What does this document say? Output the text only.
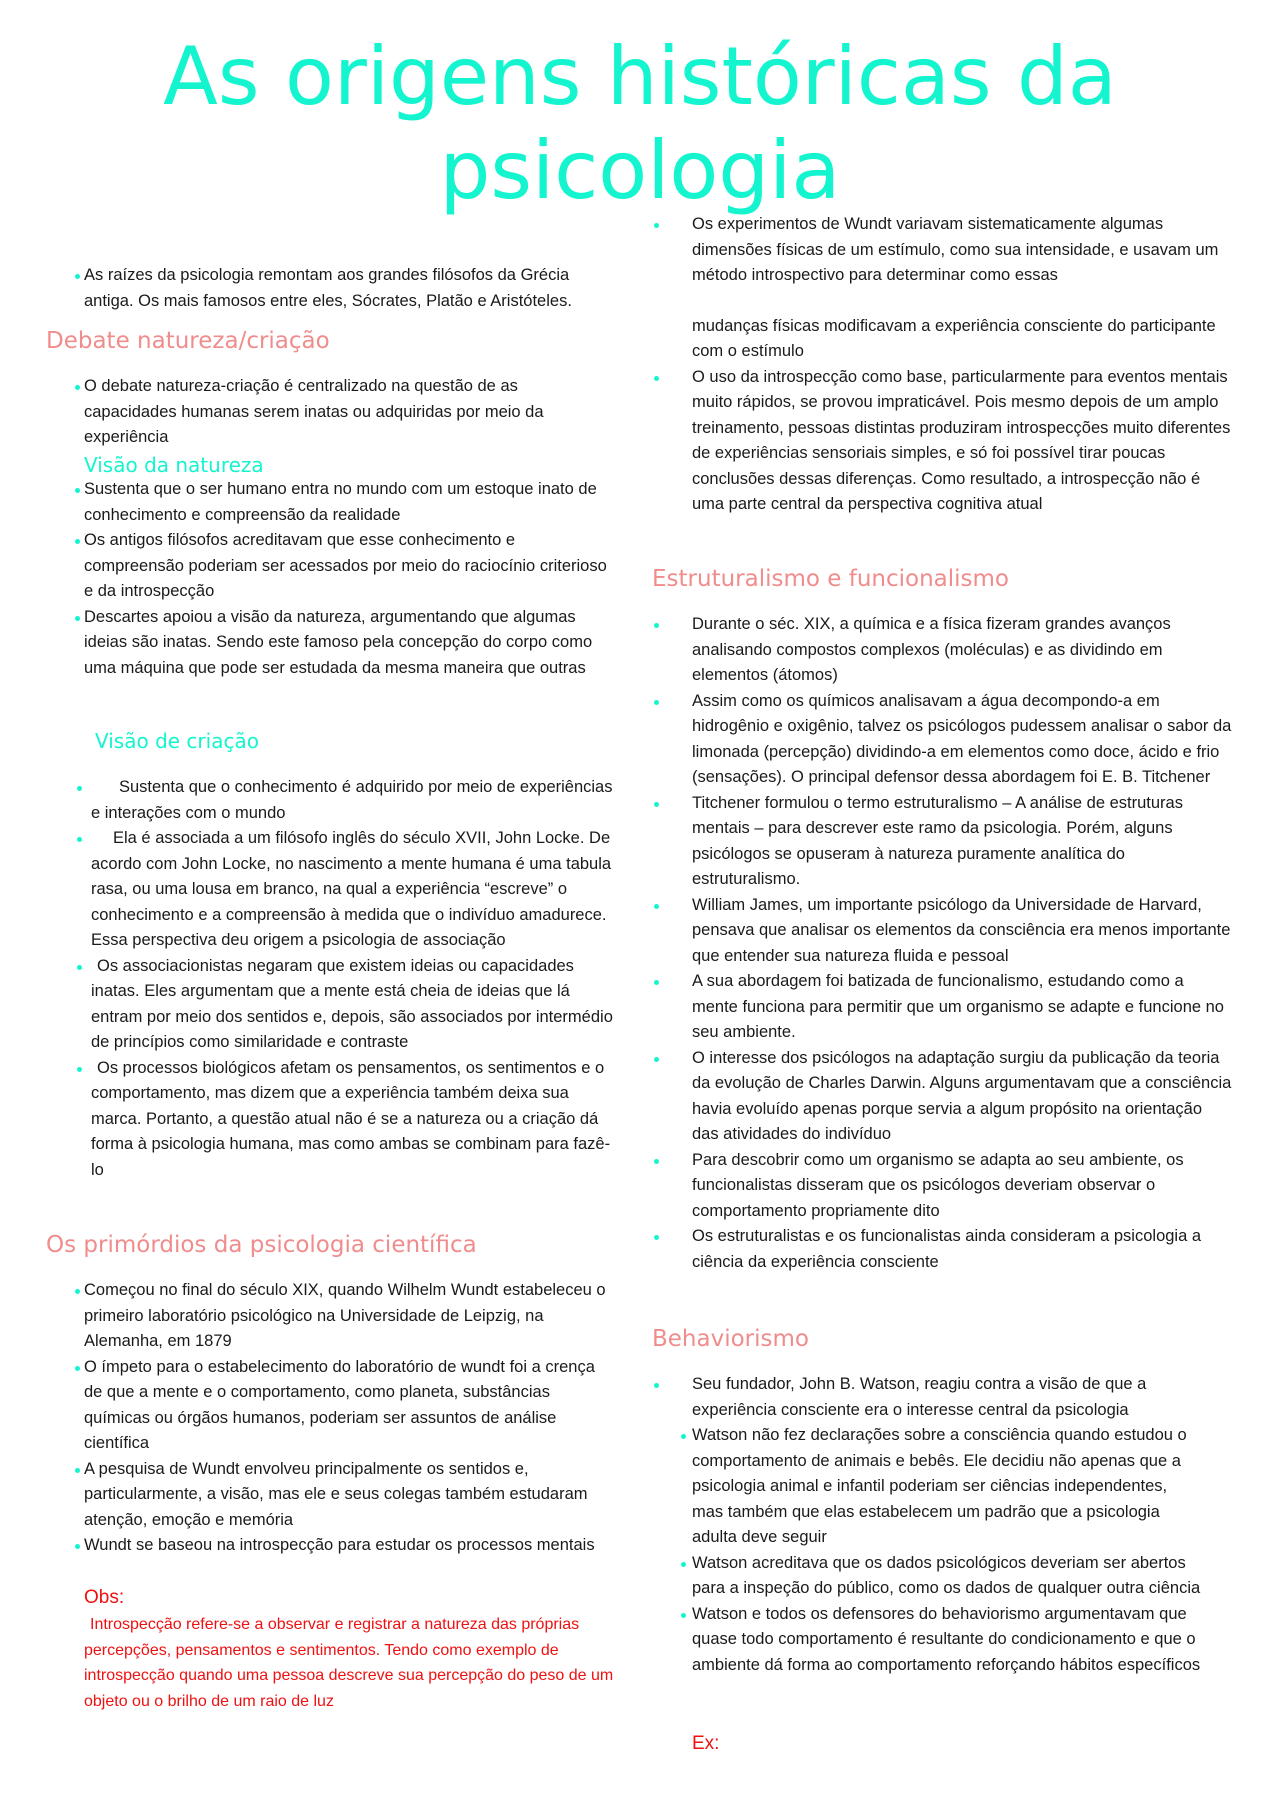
As origens históricas da psicologia
As raízes da psicologia remontam aos grandes filósofos da Grécia antiga. Os mais famosos entre eles, Sócrates, Platão e Aristóteles.
Debate natureza/criação
O debate natureza-criação é centralizado na questão de as capacidades humanas serem inatas ou adquiridas por meio da experiência
Visão da natureza
Sustenta que o ser humano entra no mundo com um estoque inato de conhecimento e compreensão da realidade
Os antigos filósofos acreditavam que esse conhecimento e compreensão poderiam ser acessados por meio do raciocínio criterioso e da introspecção
Descartes apoiou a visão da natureza, argumentando que algumas ideias são inatas. Sendo este famoso pela concepção do corpo como uma máquina que pode ser estudada da mesma maneira que outras
Visão de criação
Sustenta que o conhecimento é adquirido por meio de experiências e interações com o mundo
Ela é associada a um filósofo inglês do século XVII, John Locke. De acordo com John Locke, no nascimento a mente humana é uma tabula rasa, ou uma lousa em branco, na qual a experiência “escreve” o conhecimento e a compreensão à medida que o indivíduo amadurece. Essa perspectiva deu origem a psicologia de associação
Os associacionistas negaram que existem ideias ou capacidades inatas. Eles argumentam que a mente está cheia de ideias que lá entram por meio dos sentidos e, depois, são associados por intermédio de princípios como similaridade e contraste
Os processos biológicos afetam os pensamentos, os sentimentos e o comportamento, mas dizem que a experiência também deixa sua marca. Portanto, a questão atual não é se a natureza ou a criação dá forma à psicologia humana, mas como ambas se combinam para fazê-lo
Os primórdios da psicologia científica
Começou no final do século XIX, quando Wilhelm Wundt estabeleceu o primeiro laboratório psicológico na Universidade de Leipzig, na Alemanha, em 1879
O ímpeto para o estabelecimento do laboratório de wundt foi a crença de que a mente e o comportamento, como planeta, substâncias químicas ou órgãos humanos, poderiam ser assuntos de análise científica
A pesquisa de Wundt envolveu principalmente os sentidos e, particularmente, a visão, mas ele e seus colegas também estudaram atenção, emoção e memória
Wundt se baseou na introspecção para estudar os processos mentais
Obs:
Introspecção refere-se a observar e registrar a natureza das próprias percepções, pensamentos e sentimentos. Tendo como exemplo de introspecção quando uma pessoa descreve sua percepção do peso de um objeto ou o brilho de um raio de luz
Os experimentos de Wundt variavam sistematicamente algumas dimensões físicas de um estímulo, como sua intensidade, e usavam um método introspectivo para determinar como essas
mudanças físicas modificavam a experiência consciente do participante com o estímulo
O uso da introspecção como base, particularmente para eventos mentais muito rápidos, se provou impraticável. Pois mesmo depois de um amplo treinamento, pessoas distintas produziram introspecções muito diferentes de experiências sensoriais simples, e só foi possível tirar poucas conclusões dessas diferenças. Como resultado, a introspecção não é uma parte central da perspectiva cognitiva atual
Estruturalismo e funcionalismo
Durante o séc. XIX, a química e a física fizeram grandes avanços analisando compostos complexos (moléculas) e as dividindo em elementos (átomos)
Assim como os químicos analisavam a água decompondo-a em hidrogênio e oxigênio, talvez os psicólogos pudessem analisar o sabor da limonada (percepção) dividindo-a em elementos como doce, ácido e frio (sensações). O principal defensor dessa abordagem foi E. B. Titchener
Titchener formulou o termo estruturalismo – A análise de estruturas mentais – para descrever este ramo da psicologia. Porém, alguns psicólogos se opuseram à natureza puramente analítica do estruturalismo.
William James, um importante psicólogo da Universidade de Harvard, pensava que analisar os elementos da consciência era menos importante que entender sua natureza fluida e pessoal
A sua abordagem foi batizada de funcionalismo, estudando como a mente funciona para permitir que um organismo se adapte e funcione no seu ambiente.
O interesse dos psicólogos na adaptação surgiu da publicação da teoria da evolução de Charles Darwin. Alguns argumentavam que a consciência havia evoluído apenas porque servia a algum propósito na orientação das atividades do indivíduo
Para descobrir como um organismo se adapta ao seu ambiente, os funcionalistas disseram que os psicólogos deveriam observar o comportamento propriamente dito
Os estruturalistas e os funcionalistas ainda consideram a psicologia a ciência da experiência consciente
Behaviorismo
Seu fundador, John B. Watson, reagiu contra a visão de que a experiência consciente era o interesse central da psicologia
Watson não fez declarações sobre a consciência quando estudou o comportamento de animais e bebês. Ele decidiu não apenas que a psicologia animal e infantil poderiam ser ciências independentes, mas também que elas estabelecem um padrão que a psicologia adulta deve seguir
Watson acreditava que os dados psicológicos deveriam ser abertos para a inspeção do público, como os dados de qualquer outra ciência
Watson e todos os defensores do behaviorismo argumentavam que quase todo comportamento é resultante do condicionamento e que o ambiente dá forma ao comportamento reforçando hábitos específicos
Ex:
